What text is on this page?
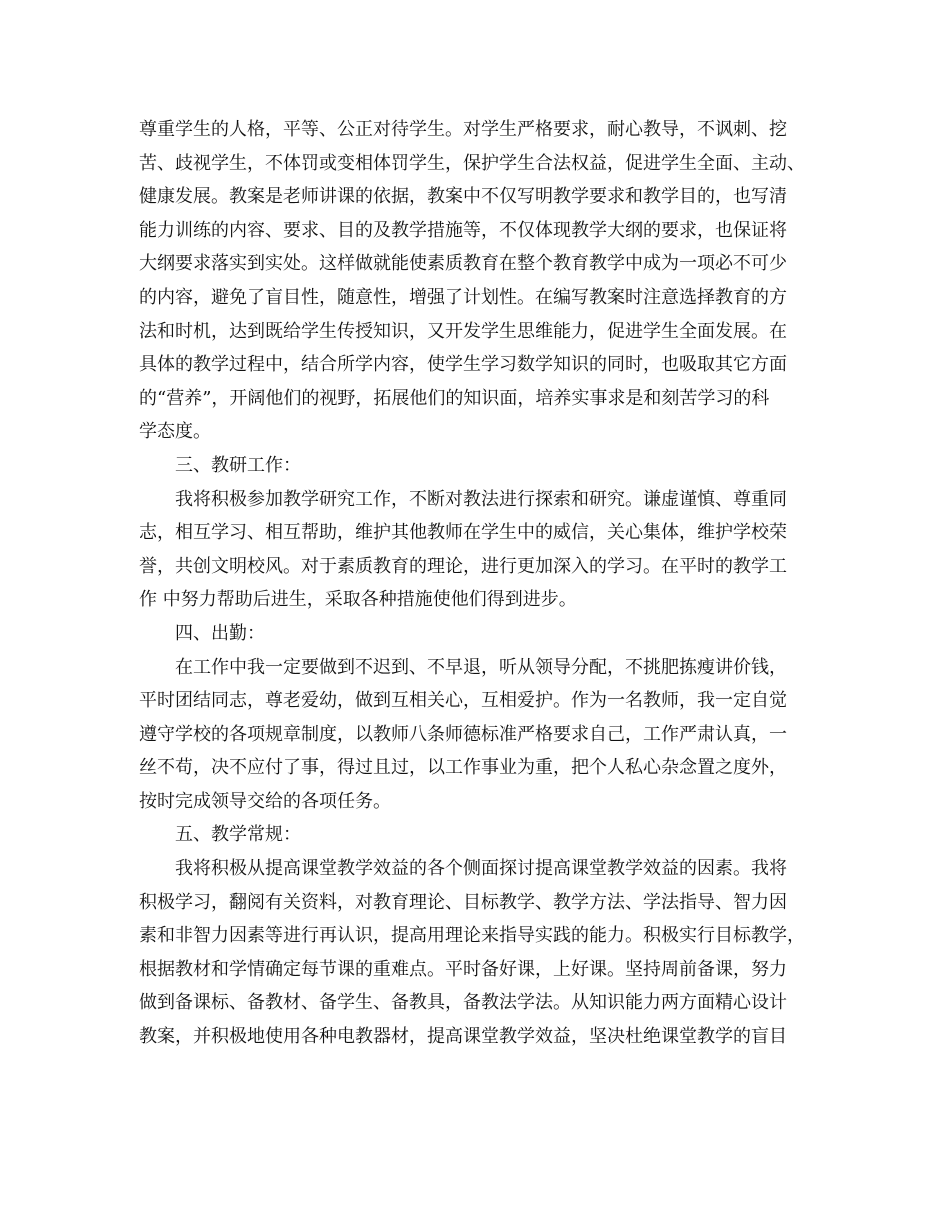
尊重学生的人格，平等、公正对待学生。对学生严格要求，耐心教导，不讽刺、挖
苦、歧视学生，不体罚或变相体罚学生，保护学生合法权益，促进学生全面、主动、
健康发展。教案是老师讲课的依据，教案中不仅写明教学要求和教学目的，也写清
能力训练的内容、要求、目的及教学措施等，不仅体现教学大纲的要求，也保证将
大纲要求落实到实处。这样做就能使素质教育在整个教育教学中成为一项必不可少
的内容，避免了盲目性，随意性，增强了计划性。在编写教案时注意选择教育的方
法和时机，达到既给学生传授知识，又开发学生思维能力，促进学生全面发展。在
具体的教学过程中，结合所学内容，使学生学习数学知识的同时，也吸取其它方面
的“营养”，开阔他们的视野，拓展他们的知识面，培养实事求是和刻苦学习的科
学态度。
三、教研工作：
我将积极参加教学研究工作，不断对教法进行探索和研究。谦虚谨慎、尊重同
志，相互学习、相互帮助，维护其他教师在学生中的威信，关心集体，维护学校荣
誉，共创文明校风。对于素质教育的理论，进行更加深入的学习。在平时的教学工
作 中努力帮助后进生，采取各种措施使他们得到进步。
四、出勤：
在工作中我一定要做到不迟到、不早退，听从领导分配，不挑肥拣瘦讲价钱，
平时团结同志，尊老爱幼，做到互相关心，互相爱护。作为一名教师，我一定自觉
遵守学校的各项规章制度，以教师八条师德标准严格要求自己，工作严肃认真，一
丝不苟，决不应付了事，得过且过，以工作事业为重，把个人私心杂念置之度外，
按时完成领导交给的各项任务。
五、教学常规：
我将积极从提高课堂教学效益的各个侧面探讨提高课堂教学效益的因素。我将
积极学习，翻阅有关资料，对教育理论、目标教学、教学方法、学法指导、智力因
素和非智力因素等进行再认识，提高用理论来指导实践的能力。积极实行目标教学，
根据教材和学情确定每节课的重难点。平时备好课，上好课。坚持周前备课，努力
做到备课标、备教材、备学生、备教具，备教法学法。从知识能力两方面精心设计
教案，并积极地使用各种电教器材，提高课堂教学效益，坚决杜绝课堂教学的盲目
